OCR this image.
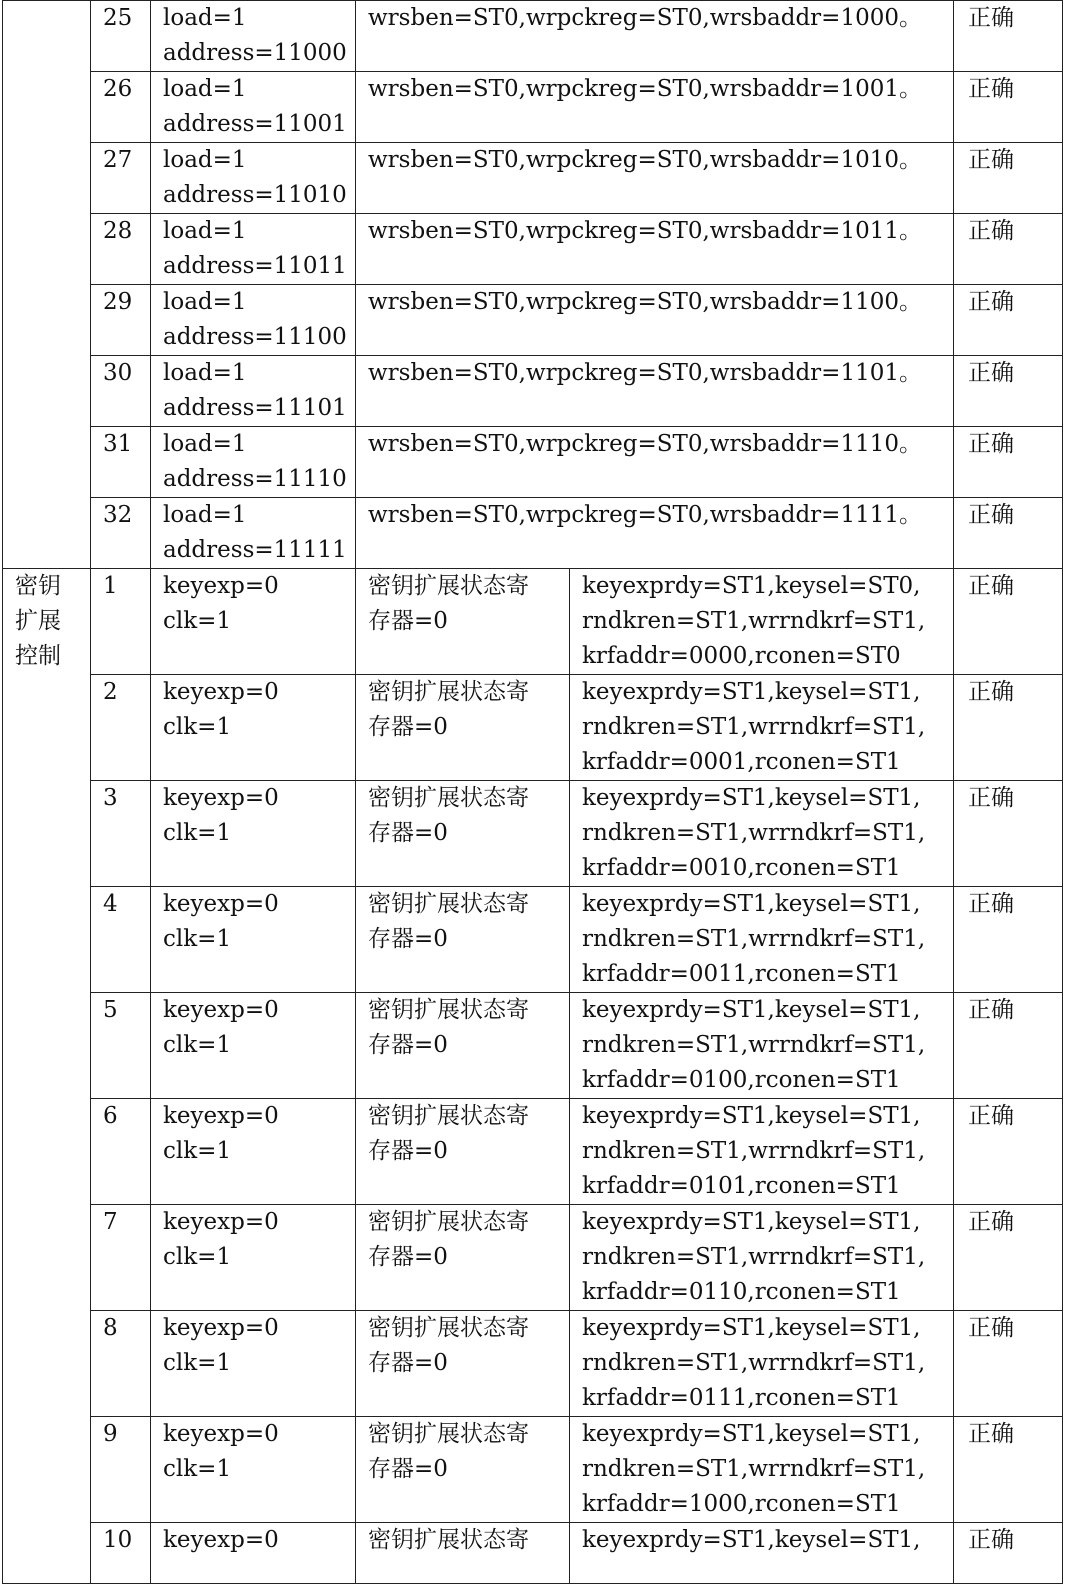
	25	load=1
address=11000	wrsben=ST0,wrpckreg=ST0,wrsbaddr=1000。		正确
	26	load=1
address=11001	wrsben=ST0,wrpckreg=ST0,wrsbaddr=1001。		正确
	27	load=1
address=11010	wrsben=ST0,wrpckreg=ST0,wrsbaddr=1010。		正确
	28	load=1
address=11011	wrsben=ST0,wrpckreg=ST0,wrsbaddr=1011。		正确
	29	load=1
address=11100	wrsben=ST0,wrpckreg=ST0,wrsbaddr=1100。		正确
	30	load=1
address=11101	wrsben=ST0,wrpckreg=ST0,wrsbaddr=1101。		正确
	31	load=1
address=11110	wrsben=ST0,wrpckreg=ST0,wrsbaddr=1110。		正确
	32	load=1
address=11111	wrsben=ST0,wrpckreg=ST0,wrsbaddr=1111。		正确
密钥
扩展
控制	1	keyexp=0
clk=1	密钥扩展状态寄
存器=0	keyexprdy=ST1,keysel=ST0,
rndkren=ST1,wrrndkrf=ST1,
krfaddr=0000,rconen=ST0	正确
	2	keyexp=0
clk=1	密钥扩展状态寄
存器=0	keyexprdy=ST1,keysel=ST1,
rndkren=ST1,wrrndkrf=ST1,
krfaddr=0001,rconen=ST1	正确
	3	keyexp=0
clk=1	密钥扩展状态寄
存器=0	keyexprdy=ST1,keysel=ST1,
rndkren=ST1,wrrndkrf=ST1,
krfaddr=0010,rconen=ST1	正确
	4	keyexp=0
clk=1	密钥扩展状态寄
存器=0	keyexprdy=ST1,keysel=ST1,
rndkren=ST1,wrrndkrf=ST1,
krfaddr=0011,rconen=ST1	正确
	5	keyexp=0
clk=1	密钥扩展状态寄
存器=0	keyexprdy=ST1,keysel=ST1,
rndkren=ST1,wrrndkrf=ST1,
krfaddr=0100,rconen=ST1	正确
	6	keyexp=0
clk=1	密钥扩展状态寄
存器=0	keyexprdy=ST1,keysel=ST1,
rndkren=ST1,wrrndkrf=ST1,
krfaddr=0101,rconen=ST1	正确
	7	keyexp=0
clk=1	密钥扩展状态寄
存器=0	keyexprdy=ST1,keysel=ST1,
rndkren=ST1,wrrndkrf=ST1,
krfaddr=0110,rconen=ST1	正确
	8	keyexp=0
clk=1	密钥扩展状态寄
存器=0	keyexprdy=ST1,keysel=ST1,
rndkren=ST1,wrrndkrf=ST1,
krfaddr=0111,rconen=ST1	正确
	9	keyexp=0
clk=1	密钥扩展状态寄
存器=0	keyexprdy=ST1,keysel=ST1,
rndkren=ST1,wrrndkrf=ST1,
krfaddr=1000,rconen=ST1	正确
	10	keyexp=0	密钥扩展状态寄	keyexprdy=ST1,keysel=ST1,	正确
